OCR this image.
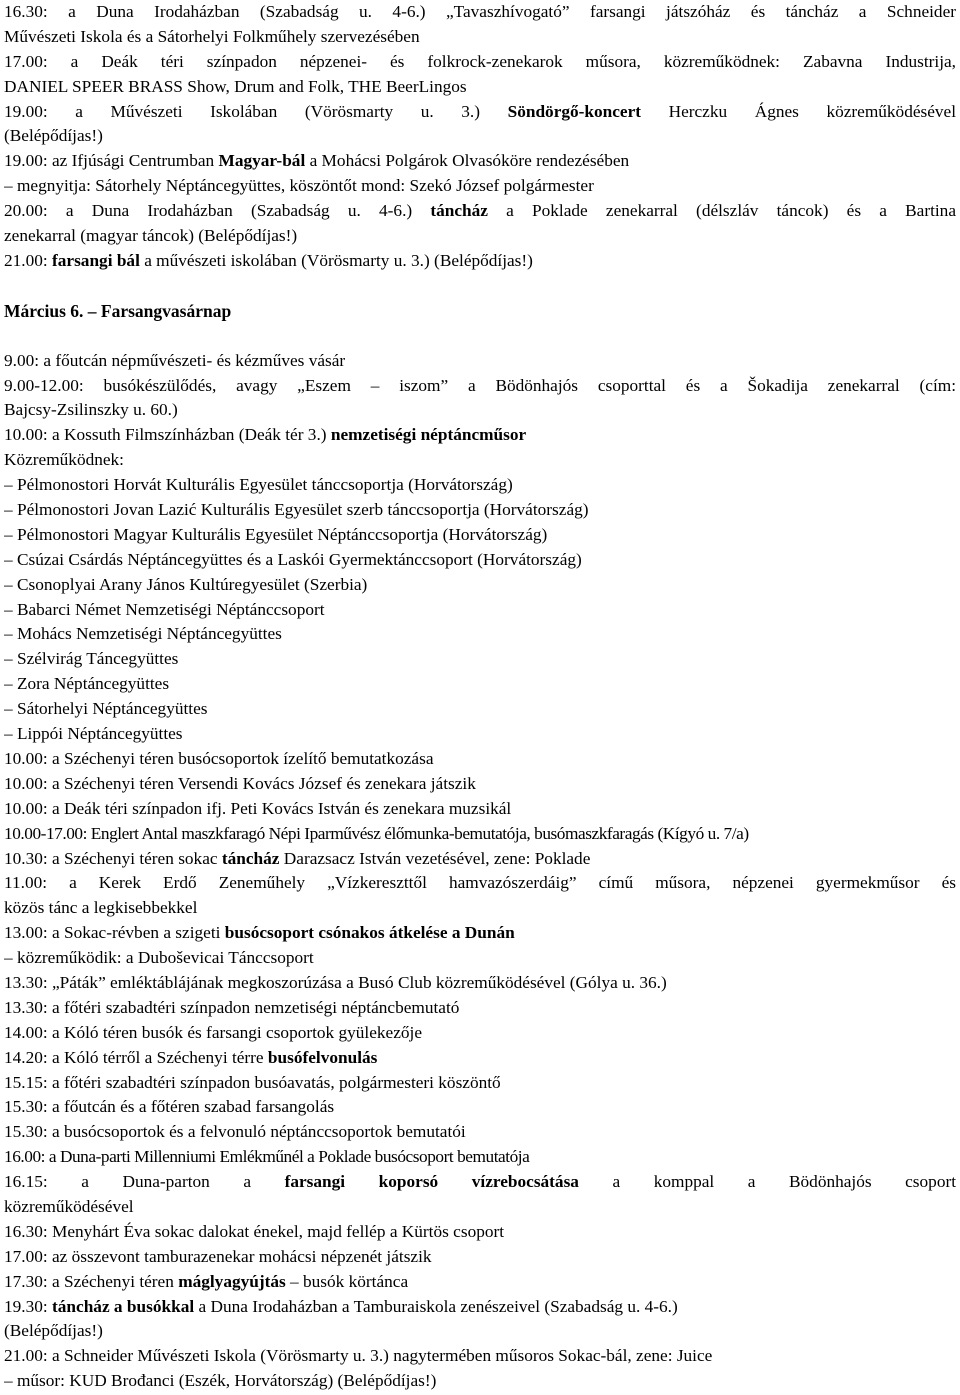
16.30: a Duna Irodaházban (Szabadság u. 4-6.) „Tavaszhívogató” farsangi játszóház és táncház a Schneider
Művészeti Iskola és a Sátorhelyi Folkműhely szervezésében
17.00: a Deák téri színpadon népzenei- és folkrock-zenekarok műsora, közreműködnek: Zabavna Industrija,
DANIEL SPEER BRASS Show, Drum and Folk, THE BeerLingos
19.00: a Művészeti Iskolában (Vörösmarty u. 3.) Söndörgő-koncert Herczku Ágnes közreműködésével
(Belépődíjas!)
19.00: az Ifjúsági Centrumban Magyar-bál a Mohácsi Polgárok Olvasóköre rendezésében
– megnyitja: Sátorhely Néptáncegyüttes, köszöntőt mond: Szekó József polgármester
20.00: a Duna Irodaházban (Szabadság u. 4-6.) táncház a Poklade zenekarral (délszláv táncok) és a Bartina
zenekarral (magyar táncok) (Belépődíjas!)
21.00: farsangi bál a művészeti iskolában (Vörösmarty u. 3.) (Belépődíjas!)
Március 6. – Farsangvasárnap
9.00: a főutcán népművészeti- és kézműves vásár
9.00-12.00: busókészülődés, avagy „Eszem – iszom” a Bödönhajós csoporttal és a Šokadija zenekarral (cím:
Bajcsy-Zsilinszky u. 60.)
10.00: a Kossuth Filmszínházban (Deák tér 3.) nemzetiségi néptáncműsor
Közreműködnek:
– Pélmonostori Horvát Kulturális Egyesület tánccsoportja (Horvátország)
– Pélmonostori Jovan Lazić Kulturális Egyesület szerb tánccsoportja (Horvátország)
– Pélmonostori Magyar Kulturális Egyesület Néptánccsoportja (Horvátország)
– Csúzai Csárdás Néptáncegyüttes és a Laskói Gyermektánccsoport (Horvátország)
– Csonoplyai Arany János Kultúregyesület (Szerbia)
– Babarci Német Nemzetiségi Néptánccsoport
– Mohács Nemzetiségi Néptáncegyüttes
– Szélvirág Táncegyüttes
– Zora Néptáncegyüttes
– Sátorhelyi Néptáncegyüttes
– Lippói Néptáncegyüttes
10.00: a Széchenyi téren busócsoportok ízelítő bemutatkozása
10.00: a Széchenyi téren Versendi Kovács József és zenekara játszik
10.00: a Deák téri színpadon ifj. Peti Kovács István és zenekara muzsikál
10.00-17.00: Englert Antal maszkfaragó Népi Iparművész élőmunka-bemutatója, busómaszkfaragás (Kígyó u. 7/a)
10.30: a Széchenyi téren sokac táncház Darazsacz István vezetésével, zene: Poklade
11.00: a Kerek Erdő Zeneműhely „Vízkereszttől hamvazószerdáig” című műsora, népzenei gyermekműsor és
közös tánc a legkisebbekkel
13.00: a Sokac-révben a szigeti busócsoport csónakos átkelése a Dunán
– közreműködik: a Duboševicai Tánccsoport
13.30: „Páták” emléktáblájának megkoszorúzása a Busó Club közreműködésével (Gólya u. 36.)
13.30: a főtéri szabadtéri színpadon nemzetiségi néptáncbemutató
14.00: a Kóló téren busók és farsangi csoportok gyülekezője
14.20: a Kóló térről a Széchenyi térre busófelvonulás
15.15: a főtéri szabadtéri színpadon busóavatás, polgármesteri köszöntő
15.30: a főutcán és a főtéren szabad farsangolás
15.30: a busócsoportok és a felvonuló néptánccsoportok bemutatói
16.00: a Duna-parti Millenniumi Emlékműnél a Poklade busócsoport bemutatója
16.15: a Duna-parton a farsangi koporsó vízrebocsátása a komppal a Bödönhajós csoport
közreműködésével
16.30: Menyhárt Éva sokac dalokat énekel, majd fellép a Kürtös csoport
17.00: az összevont tamburazenekar mohácsi népzenét játszik
17.30: a Széchenyi téren máglyagyújtás – busók körtánca
19.30: táncház a busókkal a Duna Irodaházban a Tamburaiskola zenészeivel (Szabadság u. 4-6.)
(Belépődíjas!)
21.00: a Schneider Művészeti Iskola (Vörösmarty u. 3.) nagytermében műsoros Sokac-bál, zene: Juice
– műsor: KUD Brođanci (Eszék, Horvátország) (Belépődíjas!)
